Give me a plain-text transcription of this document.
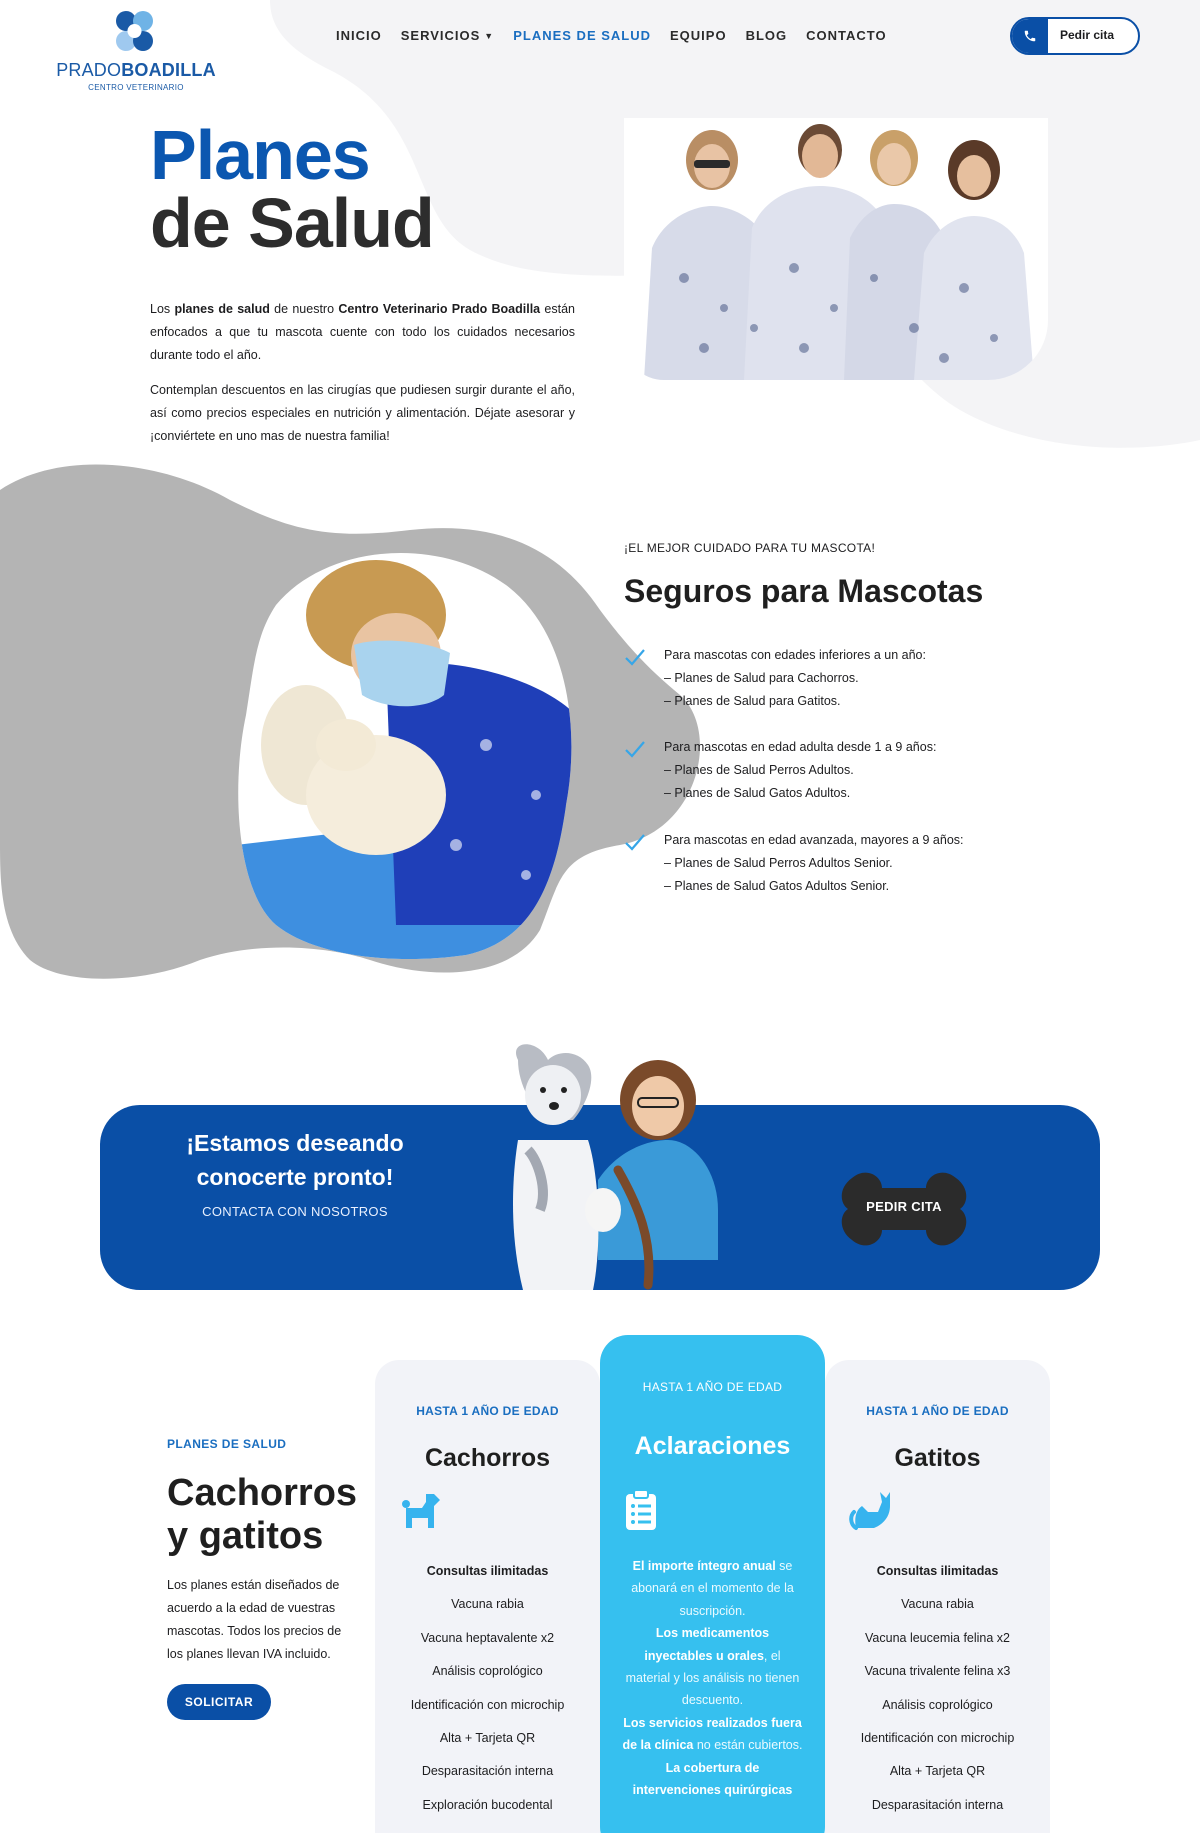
PRADOBOADILLA
CENTRO VETERINARIO
INICIO SERVICIOS ▼ PLANES DE SALUD EQUIPO BLOG CONTACTO	Pedir cita
Planes
de Salud

Los planes de salud de nuestro Centro Veterinario Prado Boadilla están enfocados a que tu mascota cuente con todo los cuidados necesarios durante todo el año.

Contemplan descuentos en las cirugías que pudiesen surgir durante el año, así como precios especiales en nutrición y alimentación. Déjate asesorar y ¡conviértete en uno mas de nuestra familia!

¡EL MEJOR CUIDADO PARA TU MASCOTA!
Seguros para Mascotas
Para mascotas con edades inferiores a un año:
– Planes de Salud para Cachorros.
– Planes de Salud para Gatitos.
Para mascotas en edad adulta desde 1 a 9 años:
– Planes de Salud Perros Adultos.
– Planes de Salud Gatos Adultos.
Para mascotas en edad avanzada, mayores a 9 años:
– Planes de Salud Perros Adultos Senior.
– Planes de Salud Gatos Adultos Senior.
¡Estamos deseando
conocerte pronto!
CONTACTA CON NOSOTROS	PEDIR CITA
PLANES DE SALUD
Cachorros
y gatitos

Los planes están diseñados de acuerdo a la edad de vuestras mascotas. Todos los precios de los planes llevan IVA incluido.

SOLICITAR
HASTA 1 AÑO DE EDAD
Cachorros
Consultas ilimitadas
Vacuna rabia
Vacuna heptavalente x2
Análisis coprológico
Identificación con microchip
Alta + Tarjeta QR
Desparasitación interna
Exploración bucodental
HASTA 1 AÑO DE EDAD
Aclaraciones
El importe íntegro anual se abonará en el momento de la suscripción.
Los medicamentos inyectables u orales, el material y los análisis no tienen descuento.
Los servicios realizados fuera de la clínica no están cubiertos.
La cobertura de intervenciones quirúrgicas
HASTA 1 AÑO DE EDAD
Gatitos
Consultas ilimitadas
Vacuna rabia
Vacuna leucemia felina x2
Vacuna trivalente felina x3
Análisis coprológico
Identificación con microchip
Alta + Tarjeta QR
Desparasitación interna
